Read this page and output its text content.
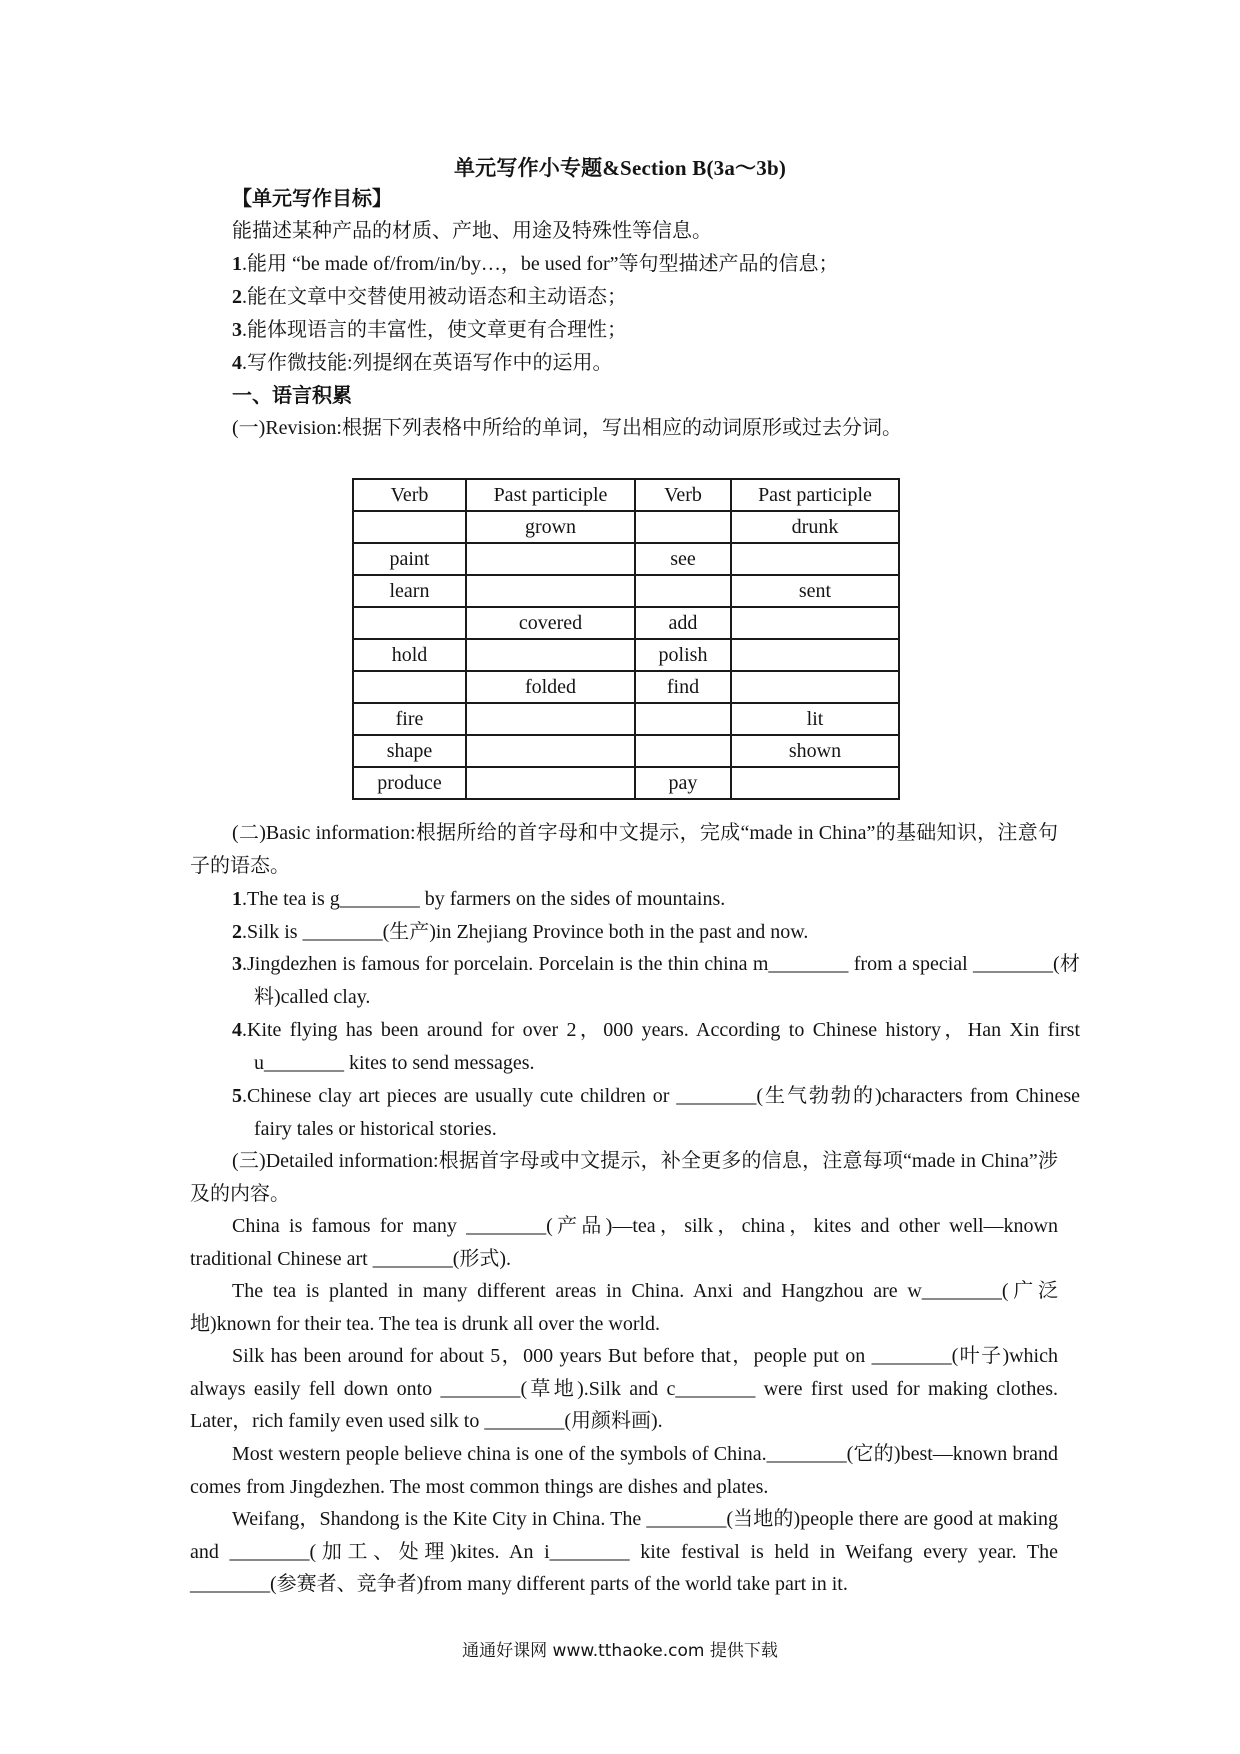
单元写作小专题&Section B(3a～3b)
【单元写作目标】
能描述某种产品的材质、产地、用途及特殊性等信息。
1.能用 “be made of/from/in/by…，be used for”等句型描述产品的信息；
2.能在文章中交替使用被动语态和主动语态；
3.能体现语言的丰富性，使文章更有合理性；
4.写作微技能:列提纲在英语写作中的运用。
一、语言积累
(一)Revision:根据下列表格中所给的单词，写出相应的动词原形或过去分词。
Verb	Past participle	Verb	Past participle
	grown		drunk
paint		see	
learn			sent
	covered	add	
hold		polish	
	folded	find	
fire			lit
shape			shown
produce		pay	
(二)Basic information:根据所给的首字母和中文提示，完成“made in China”的基础知识，注意句子的语态。
1.The tea is g________ by farmers on the sides of mountains.
2.Silk is ________(生产)in Zhejiang Province both in the past and now.
3.Jingdezhen is famous for porcelain. Porcelain is the thin china m________ from a special ________(材料)called clay.
4.Kite flying has been around for over 2，000 years. According to Chinese history，Han Xin first u________ kites to send messages.
5.Chinese clay art pieces are usually cute children or ________(生气勃勃的)characters from Chinese fairy tales or historical stories.
(三)Detailed information:根据首字母或中文提示，补全更多的信息，注意每项“made in China”涉及的内容。
China is famous for many ________(产品)—tea，silk，china，kites and other well—known traditional Chinese art ________(形式).
The tea is planted in many different areas in China. Anxi and Hangzhou are w________(广泛地)known for their tea. The tea is drunk all over the world.
Silk has been around for about 5，000 years But before that，people put on ________(叶子)which always easily fell down onto ________(草地).Silk and c________ were first used for making clothes. Later，rich family even used silk to ________(用颜料画).
Most western people believe china is one of the symbols of China.________(它的)best—known brand comes from Jingdezhen. The most common things are dishes and plates.
Weifang，Shandong is the Kite City in China. The ________(当地的)people there are good at making and ________(加工、处理)kites. An i________ kite festival is held in Weifang every year. The ________(参赛者、竞争者)from many different parts of the world take part in it.
通通好课网 www.tthaoke.com 提供下载
